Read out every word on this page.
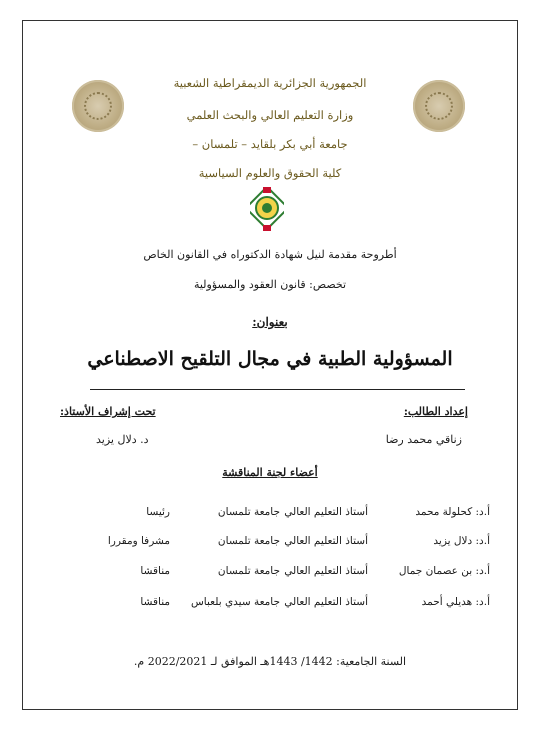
الجمهورية الجزائرية الديمقراطية الشعبية
وزارة التعليم العالي والبحث العلمي
جامعة أبي بكر بلقايد – تلمسان –
كلية الحقوق والعلوم السياسية
أطروحة مقدمة لنيل شهادة الدكتوراه في القانون الخاص
تخصص: قانون العقود والمسؤولية
بعنوان:
المسؤولية الطبية في مجال التلقيح الاصطناعي
إعداد الطالب:
زناقي محمد رضا
تحت إشراف الأستاذ:
د. دلال يزيد
أعضاء لجنة المناقشة
أ.د: كحلولة محمد
أستاذ التعليم العالي
جامعة تلمسان
رئيسا
أ.د: دلال يزيد
أستاذ التعليم العالي
جامعة تلمسان
مشرفا ومقررا
أ.د: بن عصمان جمال
أستاذ التعليم العالي
جامعة تلمسان
مناقشا
أ.د: هديلي أحمد
أستاذ التعليم العالي
جامعة سيدي بلعباس
مناقشا
السنة الجامعية: 1442/ 1443هـ الموافق لـ 2022/2021 م.
